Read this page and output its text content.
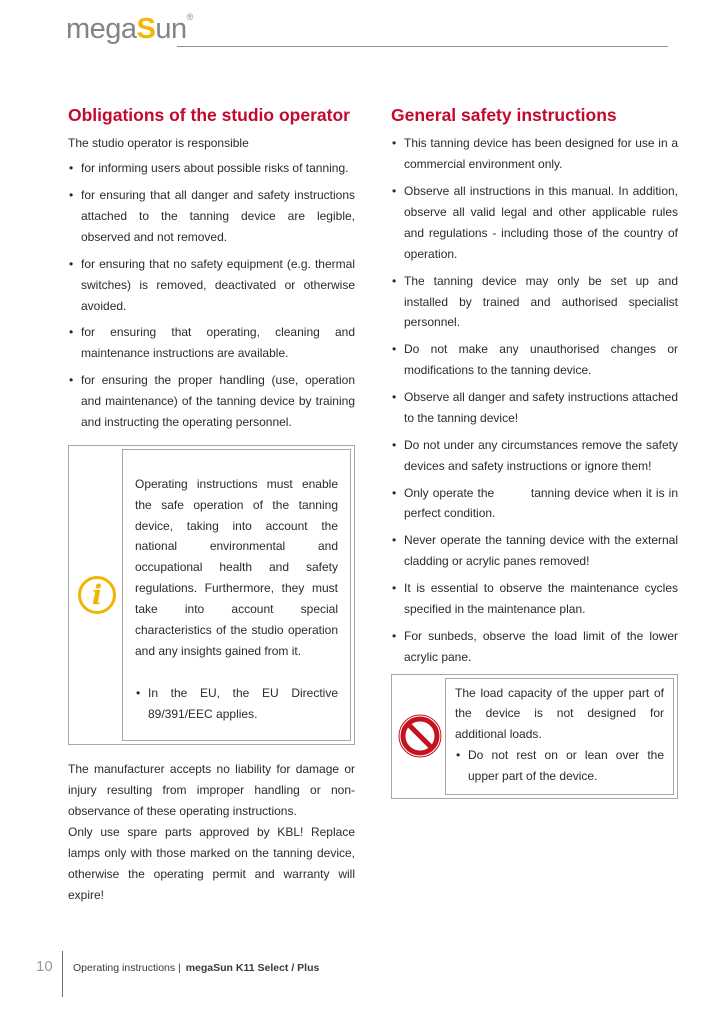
megaSun®
Obligations of the studio operator

The studio operator is responsible

• for informing users about possible risks of tanning.
• for ensuring that all danger and safety instructions attached to the tanning device are legible, observed and not removed.
• for ensuring that no safety equipment (e.g. thermal switches) is removed, deactivated or otherwise avoided.
• for ensuring that operating, cleaning and maintenance instructions are available.
• for ensuring the proper handling (use, operation and maintenance) of the tanning device by training and instructing the operating personnel.
i

Operating instructions must enable the safe operation of the tanning device, taking into account the national environmental and occupational health and safety regulations. Furthermore, they must take into account special characteristics of the studio operation and any insights gained from it.

• In the EU, the EU Directive 89/391/EEC applies.

The manufacturer accepts no liability for damage or injury resulting from improper handling or non-observance of these operating instructions.

Only use spare parts approved by KBL! Replace lamps only with those marked on the tanning device, otherwise the operating permit and warranty will expire!

General safety instructions
• This tanning device has been designed for use in a commercial environment only.
• Observe all instructions in this manual. In addition, observe all valid legal and other applicable rules and regulations - including those of the country of operation.
• The tanning device may only be set up and installed by trained and authorised specialist personnel.
• Do not make any unauthorised changes or modifications to the tanning device.
• Observe all danger and safety instructions attached to the tanning device!
• Do not under any circumstances remove the safety devices and safety instructions or ignore them!
• Only operate the         tanning device when it is in perfect condition.
• Never operate the tanning device with the external cladding or acrylic panes removed!
• It is essential to observe the maintenance cycles specified in the maintenance plan.
• For sunbeds, observe the load limit of the lower acrylic pane.

The load capacity of the upper part of the device is not designed for additional loads.

• Do not rest on or lean over the upper part of the device.
10 Operating instructions | megaSun K11 Select / Plus
